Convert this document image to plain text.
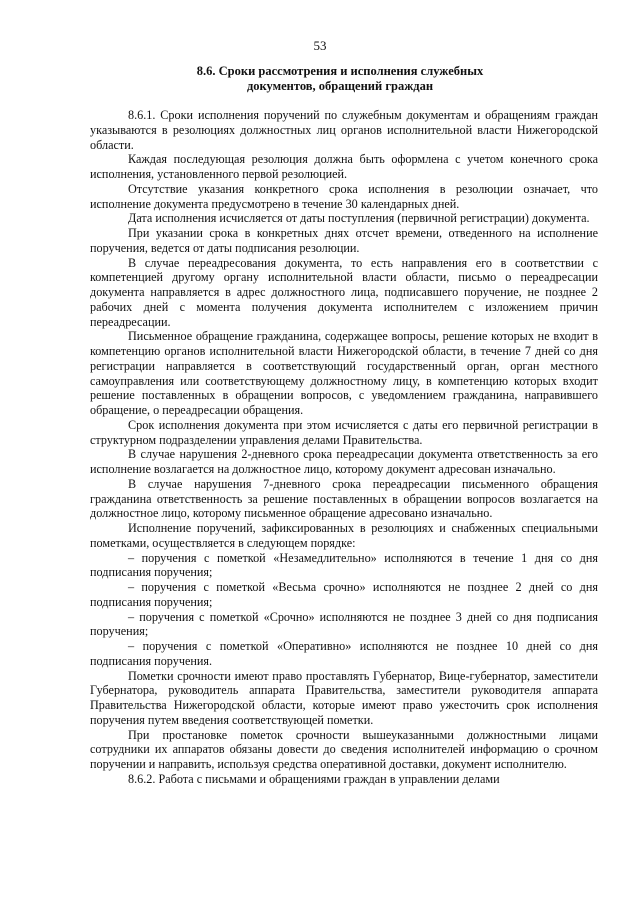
53
8.6. Сроки рассмотрения и исполнения служебных
документов, обращений граждан

8.6.1. Сроки исполнения поручений по служебным документам и обращениям граждан указываются в резолюциях должностных лиц органов исполнительной власти Нижегородской области.

Каждая последующая резолюция должна быть оформлена с учетом конечного срока исполнения, установленного первой резолюцией.

Отсутствие указания конкретного срока исполнения в резолюции означает, что исполнение документа предусмотрено в течение 30 календарных дней.

Дата исполнения исчисляется от даты поступления (первичной регистрации) документа.

При указании срока в конкретных днях отсчет времени, отведенного на исполнение поручения, ведется от даты подписания резолюции.

В случае переадресования документа, то есть направления его в соответствии с компетенцией другому органу исполнительной власти области, письмо о переадресации документа направляется в адрес должностного лица, подписавшего поручение, не позднее 2 рабочих дней с момента получения документа исполнителем с изложением причин переадресации.

Письменное обращение гражданина, содержащее вопросы, решение которых не входит в компетенцию органов исполнительной власти Нижегородской области, в течение 7 дней со дня регистрации направляется в соответствующий государственный орган, орган местного самоуправления или соответствующему должностному лицу, в компетенцию которых входит решение поставленных в обращении вопросов, с уведомлением гражданина, направившего обращение, о переадресации обращения.

Срок исполнения документа при этом исчисляется с даты его первичной регистрации в структурном подразделении управления делами Правительства.

В случае нарушения 2-дневного срока переадресации документа ответственность за его исполнение возлагается на должностное лицо, которому документ адресован изначально.

В случае нарушения 7-дневного срока переадресации письменного обращения гражданина ответственность за решение поставленных в обращении вопросов возлагается на должностное лицо, которому письменное обращение адресовано изначально.

Исполнение поручений, зафиксированных в резолюциях и снабженных специальными пометками, осуществляется в следующем порядке:

– поручения с пометкой «Незамедлительно» исполняются в течение 1 дня со дня подписания поручения;

– поручения с пометкой «Весьма срочно» исполняются не позднее 2 дней со дня подписания поручения;

– поручения с пометкой «Срочно» исполняются не позднее 3 дней со дня подписания поручения;

– поручения с пометкой «Оперативно» исполняются не позднее 10 дней со дня подписания поручения.

Пометки срочности имеют право проставлять Губернатор, Вице-губернатор, заместители Губернатора, руководитель аппарата Правительства, заместители руководителя аппарата Правительства Нижегородской области, которые имеют право ужесточить срок исполнения поручения путем введения соответствующей пометки.

При простановке пометок срочности вышеуказанными должностными лицами сотрудники их аппаратов обязаны довести до сведения исполнителей информацию о срочном поручении и направить, используя средства оперативной доставки, документ исполнителю.

8.6.2. Работа с письмами и обращениями граждан в управлении делами
